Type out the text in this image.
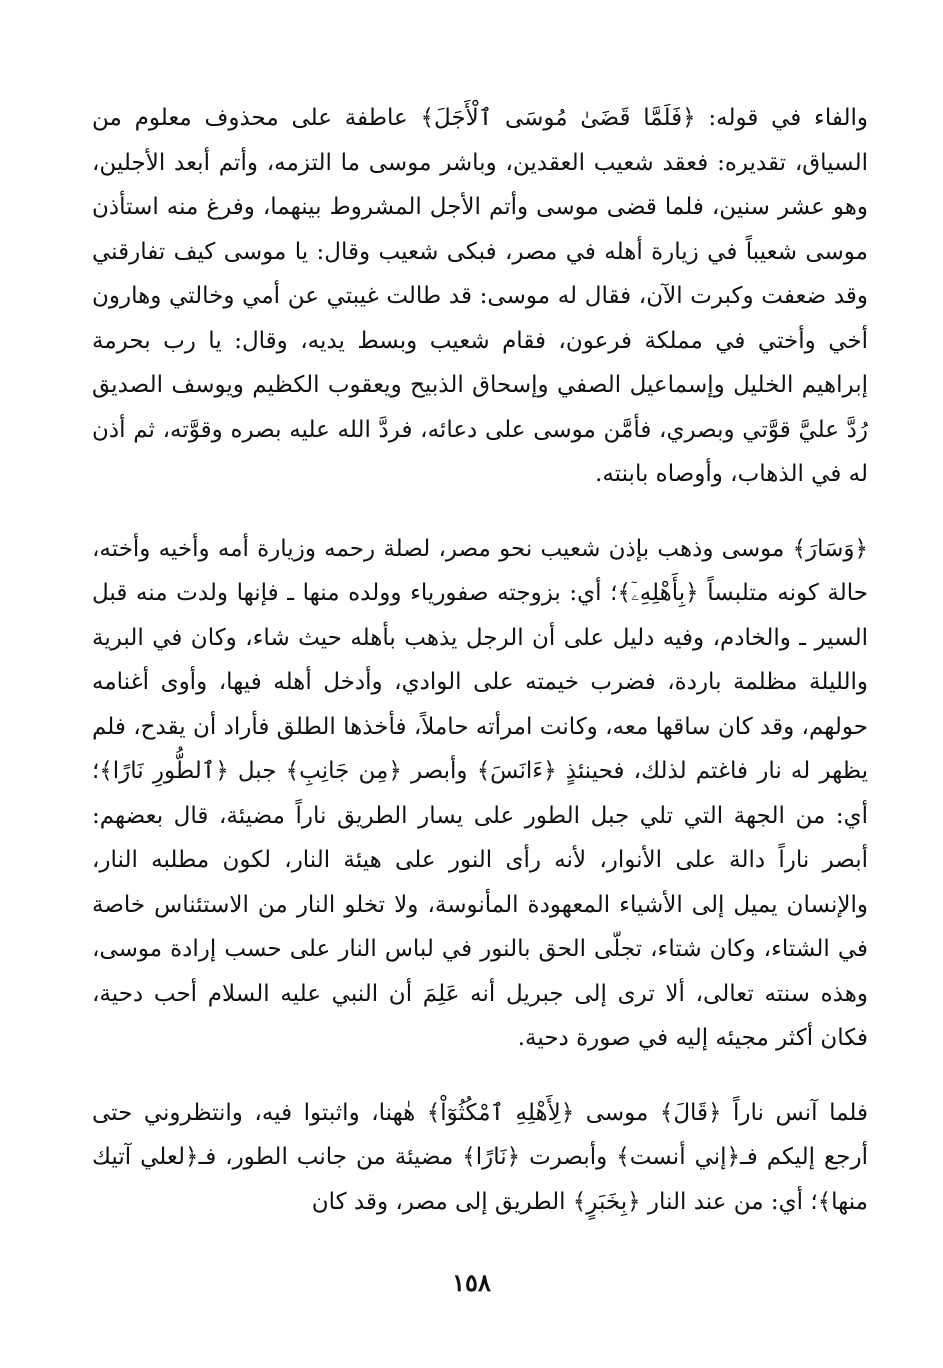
والفاء في قوله: ﴿فَلَمَّا قَضَىٰ مُوسَى ٱلْأَجَلَ﴾ عاطفة على محذوف معلوم من السياق، تقديره: فعقد شعيب العقدين، وباشر موسى ما التزمه، وأتم أبعد الأجلين، وهو عشر سنين، فلما قضى موسى وأتم الأجل المشروط بينهما، وفرغ منه استأذن موسى شعيباً في زيارة أهله في مصر، فبكى شعيب وقال: يا موسى كيف تفارقني وقد ضعفت وكبرت الآن، فقال له موسى: قد طالت غيبتي عن أمي وخالتي وهارون أخي وأختي في مملكة فرعون، فقام شعيب وبسط يديه، وقال: يا رب بحرمة إبراهيم الخليل وإسماعيل الصفي وإسحاق الذبيح ويعقوب الكظيم ويوسف الصديق رُدَّ عليَّ قوَّتي وبصري، فأمَّن موسى على دعائه، فردَّ الله عليه بصره وقوَّته، ثم أذن له في الذهاب، وأوصاه بابنته.

﴿وَسَارَ﴾ موسى وذهب بإذن شعيب نحو مصر، لصلة رحمه وزيارة أمه وأخيه وأخته، حالة كونه متلبساً ﴿بِأَهْلِهِۦٓ﴾؛ أي: بزوجته صفورياء وولده منها ـ فإنها ولدت منه قبل السير ـ والخادم، وفيه دليل على أن الرجل يذهب بأهله حيث شاء، وكان في البرية والليلة مظلمة باردة، فضرب خيمته على الوادي، وأدخل أهله فيها، وأوى أغنامه حولهم، وقد كان ساقها معه، وكانت امرأته حاملاً، فأخذها الطلق فأراد أن يقدح، فلم يظهر له نار فاغتم لذلك، فحينئذٍ ﴿ءَانَسَ﴾ وأبصر ﴿مِن جَانِبِ﴾ جبل ﴿ٱلطُّورِ نَارًا﴾؛ أي: من الجهة التي تلي جبل الطور على يسار الطريق ناراً مضيئة، قال بعضهم: أبصر ناراً دالة على الأنوار، لأنه رأى النور على هيئة النار، لكون مطلبه النار، والإنسان يميل إلى الأشياء المعهودة المأنوسة، ولا تخلو النار من الاستئناس خاصة في الشتاء، وكان شتاء، تجلّى الحق بالنور في لباس النار على حسب إرادة موسى، وهذه سنته تعالى، ألا ترى إلى جبريل أنه عَلِمَ أن النبي عليه السلام أحب دحية، فكان أكثر مجيئه إليه في صورة دحية.

فلما آنس ناراً ﴿قَالَ﴾ موسى ﴿لِأَهْلِهِ ٱمْكُثُوٓاْ﴾ هٰهنا، واثبتوا فيه، وانتظروني حتى أرجع إليكم فـ﴿إني أنست﴾ وأبصرت ﴿نَارًا﴾ مضيئة من جانب الطور، فـ﴿لعلي آتيك منها﴾؛ أي: من عند النار ﴿بِخَبَرٍ﴾ الطريق إلى مصر، وقد كان

١٥٨
